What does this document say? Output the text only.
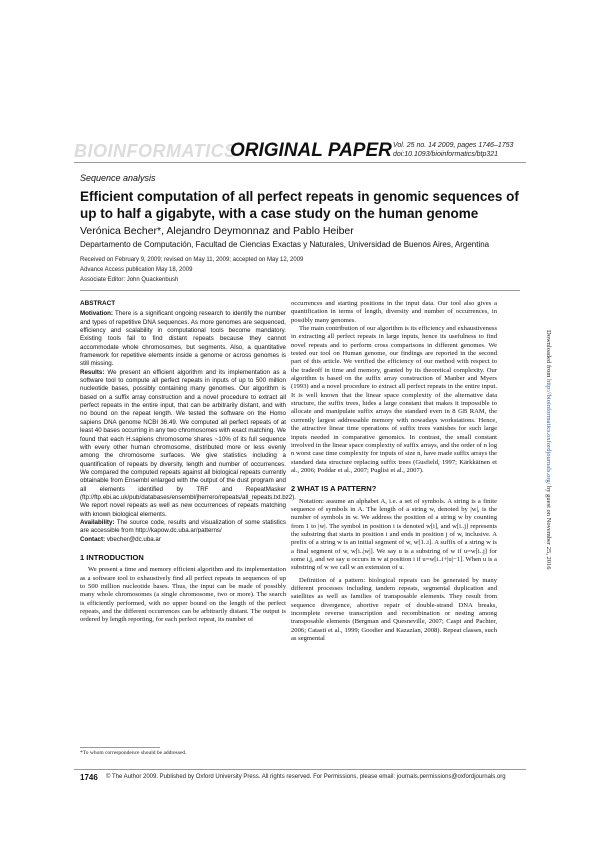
BIOINFORMATICS
ORIGINAL PAPER Vol. 25 no. 14 2009, pages 1746–1753
doi:10.1093/bioinformatics/btp321
Sequence analysis
Efficient computation of all perfect repeats in genomic sequences of up to half a gigabyte, with a case study on the human genome
Verónica Becher*, Alejandro Deymonnaz and Pablo Heiber
Departamento de Computación, Facultad de Ciencias Exactas y Naturales, Universidad de Buenos Aires, Argentina
Received on February 9, 2009; revised on May 11, 2009; accepted on May 12, 2009
Advance Access publication May 18, 2009
Associate Editor: John Quackenbush
ABSTRACT

Motivation: There is a significant ongoing research to identify the number and types of repetitive DNA sequences. As more genomes are sequenced, efficiency and scalability in computational tools become mandatory. Existing tools fail to find distant repeats because they cannot accommodate whole chromosomes, but segments. Also, a quantitative framework for repetitive elements inside a genome or across genomes is still missing.

Results: We present an efficient algorithm and its implementation as a software tool to compute all perfect repeats in inputs of up to 500 million nucleotide bases, possibly containing many genomes. Our algorithm is based on a suffix array construction and a novel procedure to extract all perfect repeats in the entire input, that can be arbitrarily distant, and with no bound on the repeat length. We tested the software on the Homo sapiens DNA genome NCBI 36.49. We computed all perfect repeats of at least 40 bases occurring in any two chromosomes with exact matching. We found that each H.sapiens chromosome shares ~10% of its full sequence with every other human chromosome, distributed more or less evenly among the chromosome surfaces. We give statistics including a quantification of repeats by diversity, length and number of occurrences. We compared the computed repeats against all biological repeats currently obtainable from Ensembl enlarged with the output of the dust program and all elements identified by TRF and RepeatMasker (ftp://ftp.ebi.ac.uk/pub/databases/ensembl/jherrero/repeats/all_repeats.txt.bz2). We report novel repeats as well as new occurrences of repeats matching with known biological elements.

Availability: The source code, results and visualization of some statistics are accessible from http://kapow.dc.uba.ar/patterns/

Contact: vbecher@dc.uba.ar

1 INTRODUCTION

We present a time and memory efficient algorithm and its implementation as a software tool to exhaustively find all perfect repeats in sequences of up to 500 million nucleotide bases. Thus, the input can be made of possibly many whole chromosomes (a single chromosome, two or more). The search is efficiently performed, with no upper bound on the length of the perfect repeats, and the different occurrences can be arbitrarily distant. The output is ordered by length reporting, for each perfect repeat, its number of

occurrences and starting positions in the input data. Our tool also gives a quantification in terms of length, diversity and number of occurrences, in possibly many genomes.

The main contribution of our algorithm is its efficiency and exhaustiveness in extracting all perfect repeats in large inputs, hence its usefulness to find novel repeats and to perform cross comparisons in different genomes. We tested our tool on Human genome, our findings are reported in the second part of this article. We verified the efficiency of our method with respect to the tradeoff in time and memory, granted by its theoretical complexity. Our algorithm is based on the suffix array construction of Manber and Myers (1993) and a novel procedure to extract all perfect repeats in the entire input. It is well known that the linear space complexity of the alternative data structure, the suffix trees, hides a large constant that makes it impossible to allocate and manipulate suffix arrays the standard even in 8 GB RAM, the currently largest addressable memory with nowadays workstations. Hence, the attractive linear time operations of suffix trees vanishes for such large inputs needed in comparative genomics. In contrast, the small constant involved in the linear space complexity of suffix arrays, and the order of n log n worst case time complexity for inputs of size n, have made suffix arrays the standard data structure replacing suffix trees (Gusfield, 1997; Kärkkäinen et al., 2006; Poddar et al., 2007; Puglisi et al., 2007).

2 WHAT IS A PATTERN?

Notation: assume an alphabet A, i.e. a set of symbols. A string is a finite sequence of symbols in A. The length of a string w, denoted by |w|, is the number of symbols in w. We address the position of a string w by counting from 1 to |w|. The symbol in position i is denoted w[i], and w[i..j] represents the substring that starts in position i and ends in position j of w, inclusive. A prefix of a string w is an initial segment of w, w[1..i]. A suffix of a string w is a final segment of w, w[i..|w|]. We say u is a substring of w if u=w[i..j] for some i,j, and we say u occurs in w at position i if u=w[i..i+|u|−1]. When u is a substring of w we call w an extension of u.

Definition of a pattern: biological repeats can be generated by many different processes including tandem repeats, segmental duplication and satellites as well as families of transposable elements. They result from sequence divergence, abortive repair of double-strand DNA breaks, incomplete reverse transcription and recombination or nesting among transposable elements (Bergman and Quesneville, 2007; Caspi and Pachter, 2006; Catasti et al., 1999; Goodier and Kazazian, 2008). Repeat classes, such as segmental

*To whom correspondence should be addressed.
1746 © The Author 2009. Published by Oxford University Press. All rights reserved. For Permissions, please email: journals.permissions@oxfordjournals.org
Downloaded from http://bioinformatics.oxfordjournals.org/ by guest on November 25, 2016
